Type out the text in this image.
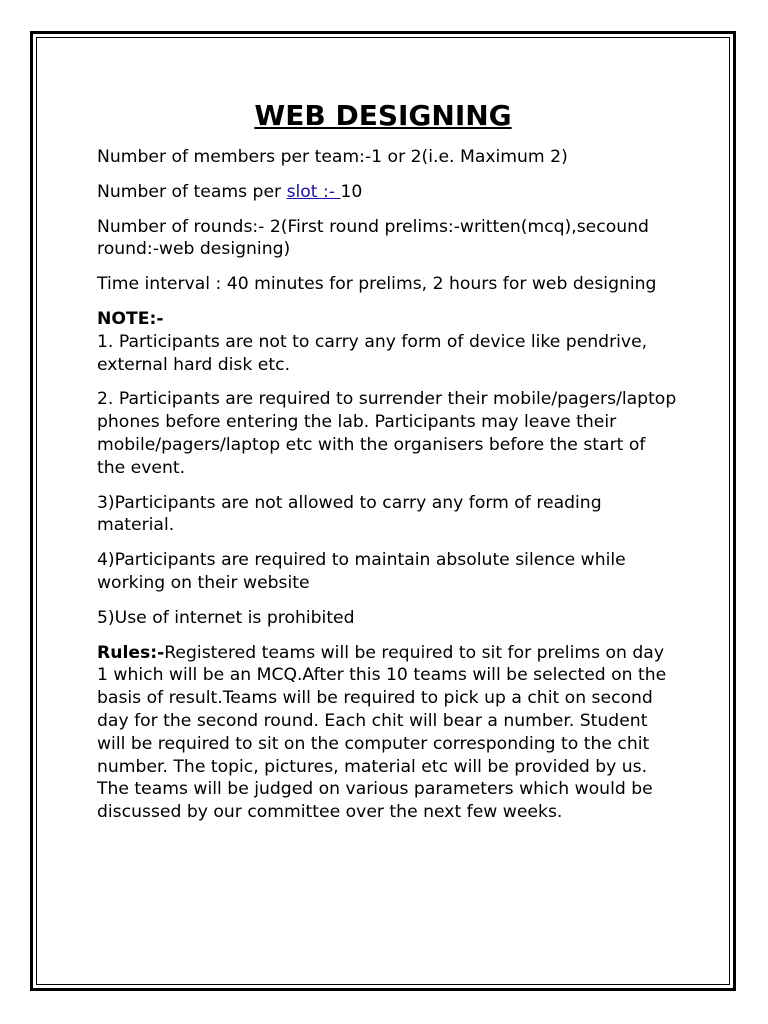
WEB DESIGNING

Number of members per team:-1 or 2(i.e. Maximum 2)

Number of teams per slot :- 10

Number of rounds:- 2(First round prelims:-written(mcq),secound round:-web designing)

Time interval : 40 minutes for prelims, 2 hours for web designing

NOTE:-
1. Participants are not to carry any form of device like pendrive, external hard disk etc.

2. Participants are required to surrender their mobile/pagers/laptop phones before entering the lab. Participants may leave their mobile/pagers/laptop etc with the organisers before the start of the event.

3)Participants are not allowed to carry any form of reading material.

4)Participants are required to maintain absolute silence while working on their website

5)Use of internet is prohibited

Rules:-Registered teams will be required to sit for prelims on day 1 which will be an MCQ.After this 10 teams will be selected on the basis of result.Teams will be required to pick up a chit on second day for the second round. Each chit will bear a number. Student will be required to sit on the computer corresponding to the chit number. The topic, pictures, material etc will be provided by us. The teams will be judged on various parameters which would be discussed by our committee over the next few weeks.
